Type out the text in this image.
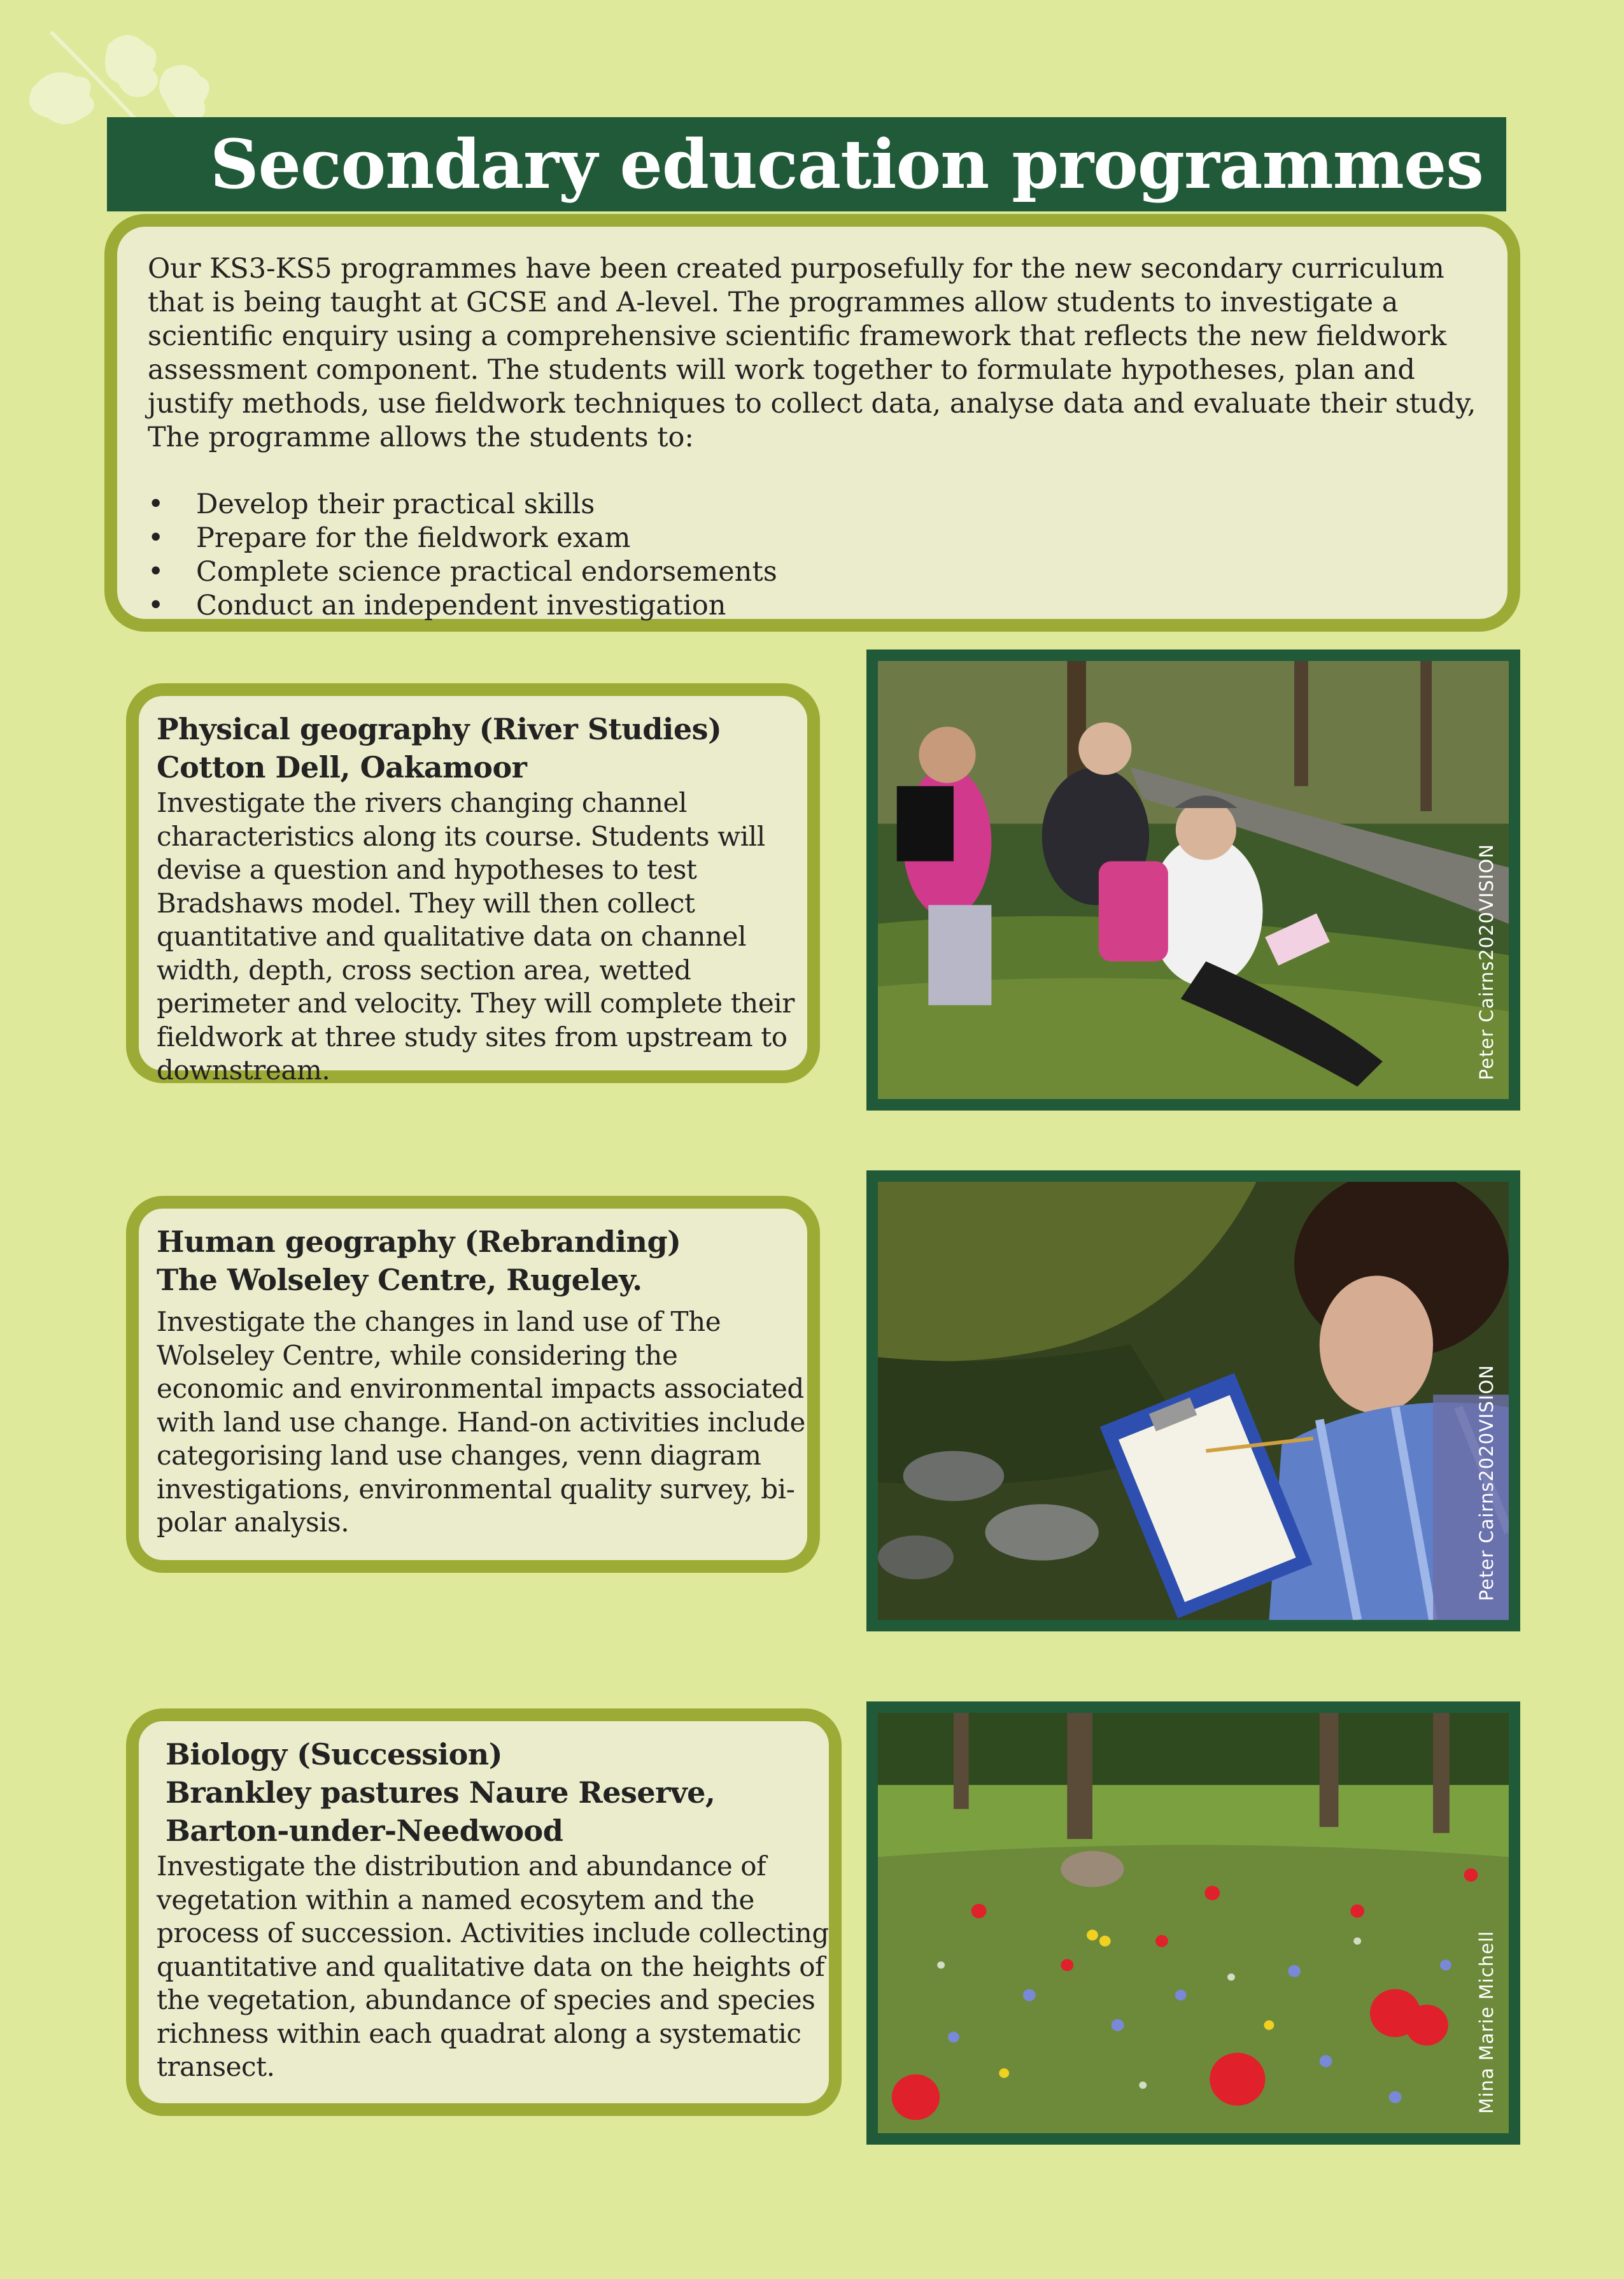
Secondary education programmes

Our KS3-KS5 programmes have been created purposefully for the new secondary curriculum that is being taught at GCSE and A-level. The programmes allow students to investigate a scientific enquiry using a comprehensive scientific framework that reflects the new fieldwork assessment component. The students will work together to formulate hypotheses, plan and justify methods, use fieldwork techniques to collect data, analyse data and evaluate their study, The programme allows the students to:

• Develop their practical skills
• Prepare for the fieldwork exam
• Complete science practical endorsements
• Conduct an independent investigation
Physical geography (River Studies)
Cotton Dell, Oakamoor

Investigate the rivers changing channel characteristics along its course. Students will devise a question and hypotheses to test Bradshaws model. They will then collect quantitative and qualitative data on channel width, depth, cross section area, wetted perimeter and velocity. They will complete their fieldwork at three study sites from upstream to downstream.	Peter Cairns2020VISION
Human geography (Rebranding)
The Wolseley Centre, Rugeley.

Investigate the changes in land use of The Wolseley Centre, while considering the economic and environmental impacts associated with land use change. Hand-on activities include categorising land use changes, venn diagram investigations, environmental quality survey, bi-polar analysis.	Peter Cairns2020VISION
Biology (Succession)
Brankley pastures Naure Reserve, Barton-under-Needwood

Investigate the distribution and abundance of vegetation within a named ecosytem and the process of succession. Activities include collecting quantitative and qualitative data on the heights of the vegetation, abundance of species and species richness within each quadrat along a systematic transect.	Mina Marie Michell
